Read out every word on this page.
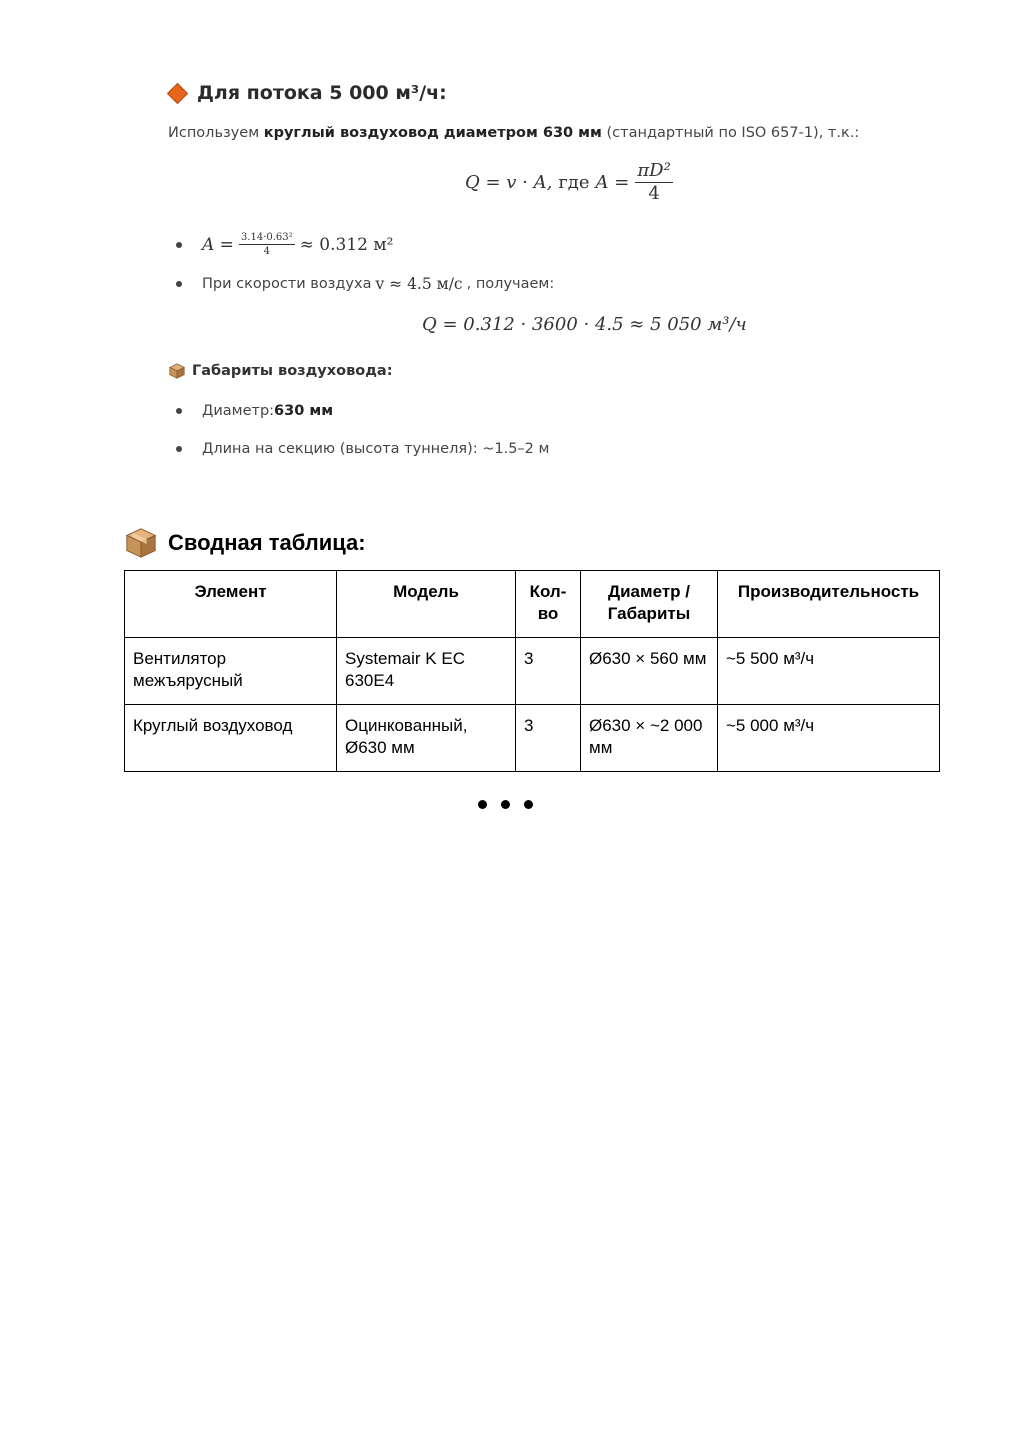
Для потока 5 000 м³/ч:
Используем круглый воздуховод диаметром 630 мм (стандартный по ISO 657-1), т.к.:
Q = v · A, где $A = \frac{\text{πD²}}{4}$
$A = \frac{\text{3.14·0.63²}}{4} \approx 0.312$ м²
При скорости воздуха v ≈ 4.5 м/с , получаем:
Q = 0.312 · 3600 · 4.5 ≈ 5 050 м³/ч
Габариты воздуховода:
Диаметр: 630 мм
Длина на секцию (высота туннеля): ~1.5–2 м
Сводная таблица:
Элемент	Модель	Кол-во	Диаметр / Габариты	Производительность
Вентилятор межъярусный	Systemair K EC 630E4	3	Ø630 × 560 мм	~5 500 м³/ч
Круглый воздуховод	Оцинкованный, Ø630 мм	3	Ø630 × ~2 000 мм	~5 000 м³/ч
